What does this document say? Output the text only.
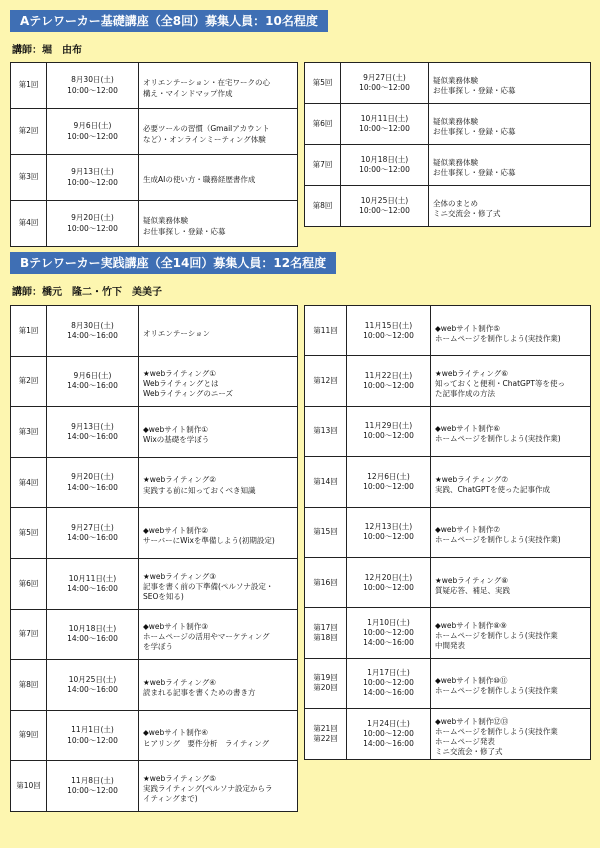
Aテレワーカー基礎講座（全8回）募集人員：10名程度
講師：堀　由布
第1回	8月30日(土)
10:00～12:00	オリエンテーション・在宅ワークの心
構え・マインドマップ作成

第2回	9月6日(土)
10:00～12:00	必要ツールの習慣（Gmailアカウント
など）・オンラインミーティング体験

第3回	9月13日(土)
10:00～12:00	生成AIの使い方・職務経歴書作成

第4回	9月20日(土)
10:00～12:00	疑似業務体験
お仕事探し・登録・応募
第5回	9月27日(土)
10:00～12:00	疑似業務体験
お仕事探し・登録・応募

第6回	10月11日(土)
10:00～12:00	疑似業務体験
お仕事探し・登録・応募

第7回	10月18日(土)
10:00～12:00	疑似業務体験
お仕事探し・登録・応募

第8回	10月25日(土)
10:00～12:00	全体のまとめ
ミニ交流会・修了式
Bテレワーカー実践講座（全14回）募集人員：12名程度
講師：橋元　隆二・竹下　美美子
第1回	8月30日(土)
14:00～16:00	オリエンテーション

第2回	9月6日(土)
14:00～16:00	★webライティング①
Webライティングとは
Webライティングのニーズ

第3回	9月13日(土)
14:00～16:00	◆webサイト制作①
Wixの基礎を学ぼう

第4回	9月20日(土)
14:00～16:00	★webライティング②
実践する前に知っておくべき知識

第5回	9月27日(土)
14:00～16:00	◆webサイト制作②
サーバーにWixを準備しよう(初期設定)

第6回	10月11日(土)
14:00～16:00	★webライティング③
記事を書く前の下準備(ペルソナ設定・
SEOを知る)

第7回	10月18日(土)
14:00～16:00	◆webサイト制作③
ホームページの活用やマーケティング
を学ぼう

第8回	10月25日(土)
14:00～16:00	★webライティング④
読まれる記事を書くための書き方

第9回	11月1日(土)
10:00～12:00	◆webサイト制作④
ヒアリング　要件分析　ライティング

第10回	11月8日(土)
10:00～12:00	★webライティング⑤
実践ライティング(ペルソナ設定からラ
イティングまで)
第11回	11月15日(土)
10:00～12:00	◆webサイト制作⑤
ホームページを制作しよう(実技作業)

第12回	11月22日(土)
10:00～12:00	★webライティング⑥
知っておくと便利・ChatGPT等を使っ
た記事作成の方法

第13回	11月29日(土)
10:00～12:00	◆webサイト制作⑥
ホームページを制作しよう(実技作業)

第14回	12月6日(土)
10:00～12:00	★webライティング⑦
実践、ChatGPTを使った記事作成

第15回	12月13日(土)
10:00～12:00	◆webサイト制作⑦
ホームページを制作しよう(実技作業)

第16回	12月20日(土)
10:00～12:00	★webライティング⑧
質疑応答、補足、実践

第17回
第18回	1月10日(土)
10:00～12:00
14:00～16:00	◆webサイト制作⑧⑨
ホームページを制作しよう(実技作業
中間発表

第19回
第20回	1月17日(土)
10:00～12:00
14:00～16:00	◆webサイト制作⑩⑪
ホームページを制作しよう(実技作業

第21回
第22回	1月24日(土)
10:00～12:00
14:00～16:00	◆webサイト制作⑫⑬
ホームページを制作しよう(実技作業
ホームページ発表
ミニ交流会・修了式
